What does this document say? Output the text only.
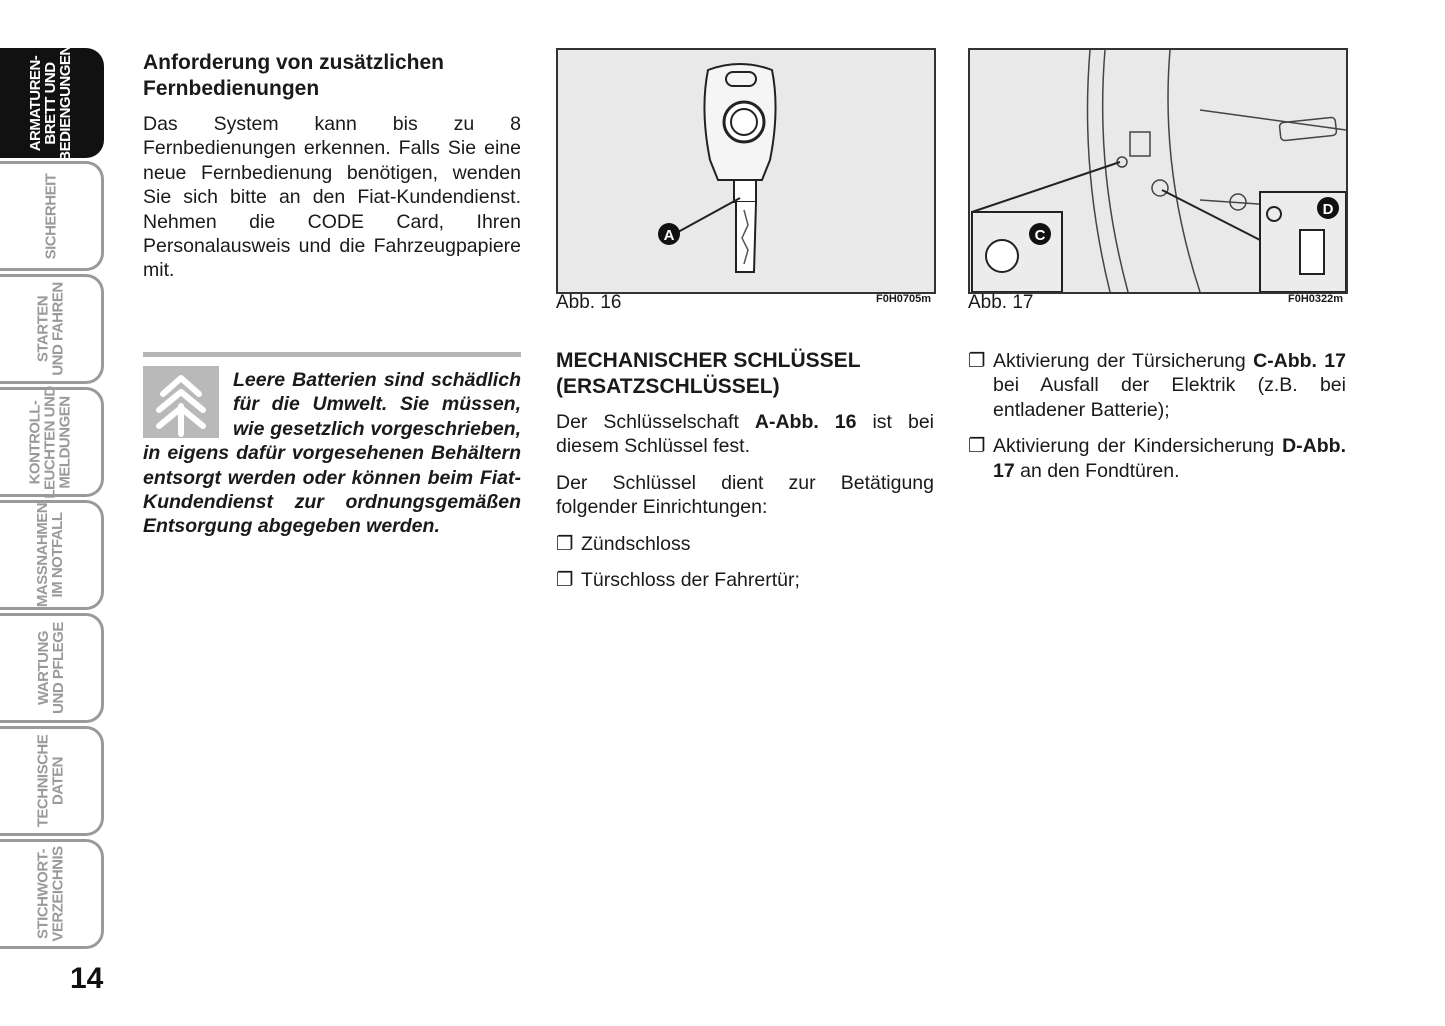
ARMATUREN-
BRETT UND
BEDIENGUNGEN
SICHERHEIT
STARTEN
UND FAHREN
KONTROLL-
LEUCHTEN UND
MELDUNGEN
MASSNAHMEN
IM NOTFALL
WARTUNG
UND PFLEGE
TECHNISCHE
DATEN
STICHWORT-
VERZEICHNIS
14
Anforderung von zusätzlichen Fernbedienungen

Das System kann bis zu 8 Fernbedienungen erkennen. Falls Sie eine neue Fernbedienung benötigen, wenden Sie sich bitte an den Fiat-Kundendienst. Nehmen die CODE Card, Ihren Personalausweis und die Fahrzeugpapiere mit.

Leere Batterien sind schädlich für die Umwelt. Sie müssen, wie gesetzlich vorgeschrieben, in eigens dafür vorgesehenen Behältern entsorgt werden oder können beim Fiat-Kundendienst zur ordnungsgemäßen Entsorgung abgegeben werden.
A
Abb. 16	F0H0705m
C
D
Abb. 17	F0H0322m
MECHANISCHER SCHLÜSSEL (ERSATZSCHLÜSSEL)

Der Schlüsselschaft A-Abb. 16 ist bei diesem Schlüssel fest.

Der Schlüssel dient zur Betätigung folgender Einrichtungen:

❐ Zündschloss
❐ Türschloss der Fahrertür;
❐ Aktivierung der Türsicherung C-Abb. 17 bei Ausfall der Elektrik (z.B. bei entladener Batterie);
❐ Aktivierung der Kindersicherung D-Abb. 17 an den Fondtüren.
